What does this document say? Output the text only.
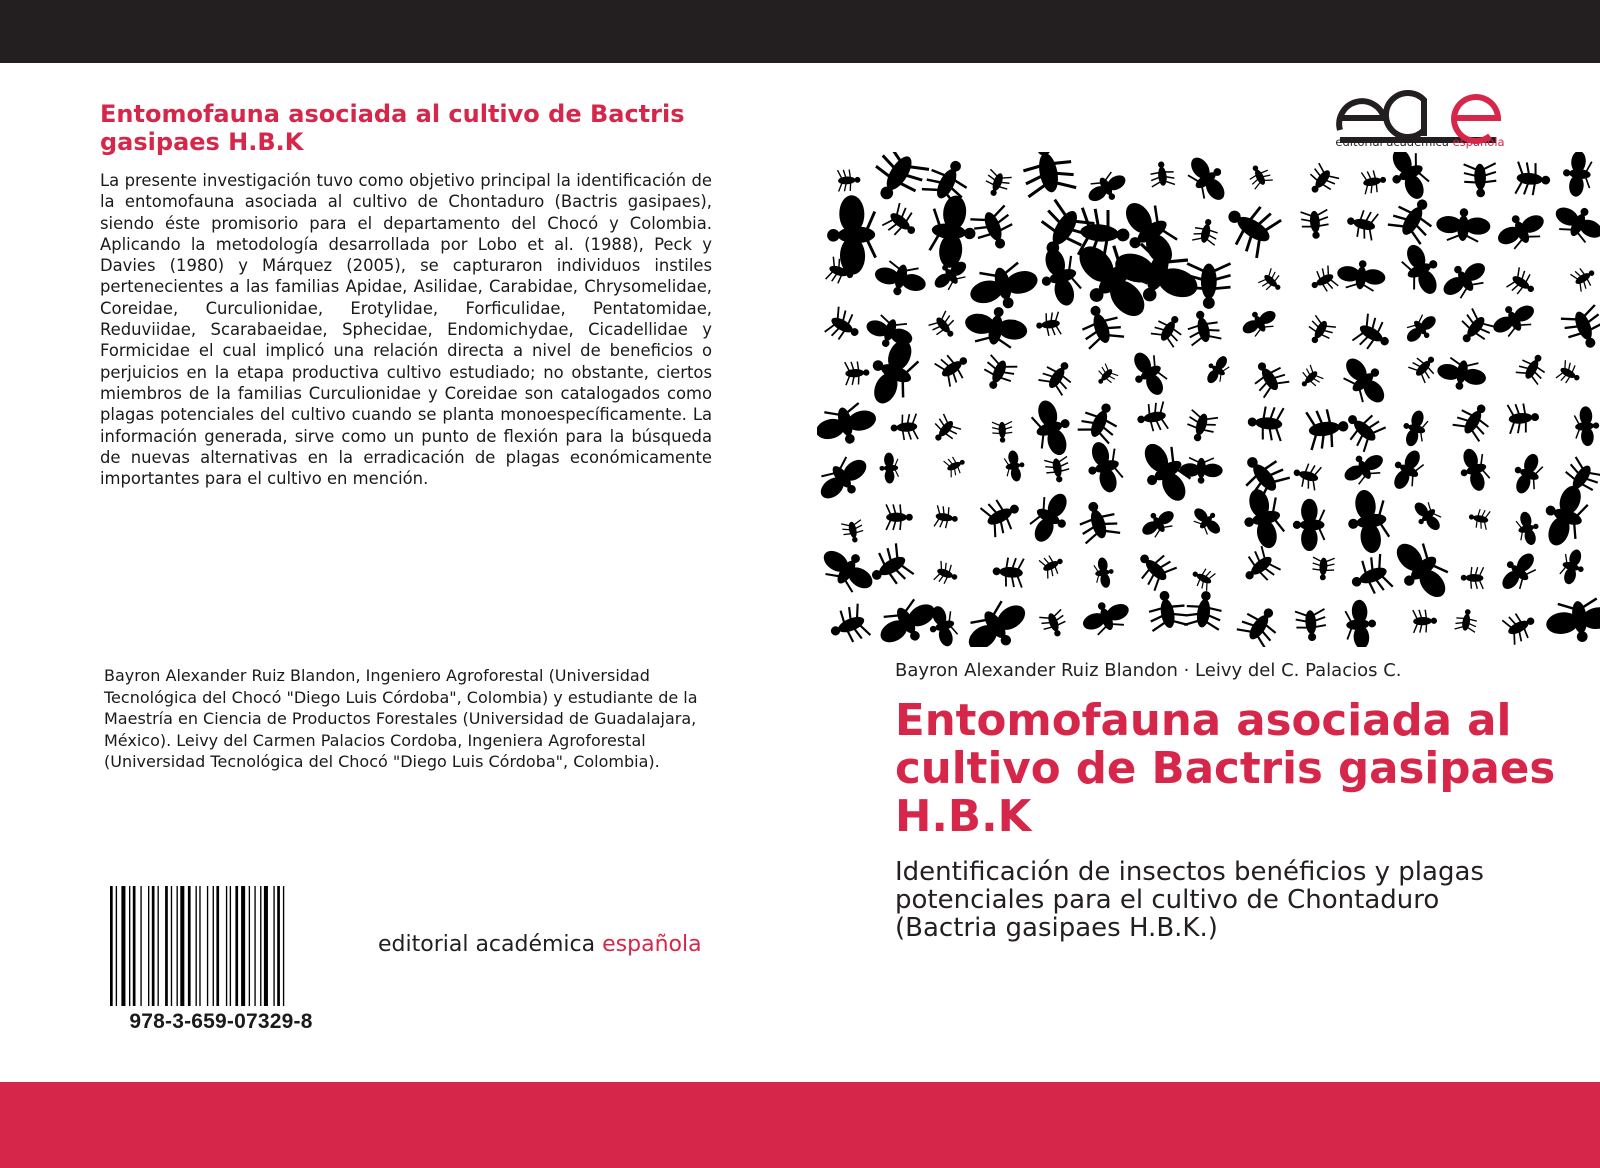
Entomofauna asociada al cultivo de Bactris gasipaes H.B.K

La presente investigación tuvo como objetivo principal la identificación de la entomofauna asociada al cultivo de Chontaduro (Bactris gasipaes), siendo éste promisorio para el departamento del Chocó y Colombia. Aplicando la metodología desarrollada por Lobo et al. (1988), Peck y Davies (1980) y Márquez (2005), se capturaron individuos instiles pertenecientes a las familias Apidae, Asilidae, Carabidae, Chrysomelidae, Coreidae, Curculionidae, Erotylidae, Forficulidae, Pentatomidae, Reduviidae, Scarabaeidae, Sphecidae, Endomichydae, Cicadellidae y Formicidae el cual implicó una relación directa a nivel de beneficios o perjuicios en la etapa productiva cultivo estudiado; no obstante, ciertos miembros de la familias Curculionidae y Coreidae son catalogados como plagas potenciales del cultivo cuando se planta monoespecíficamente. La información generada, sirve como un punto de flexión para la búsqueda de nuevas alternativas en la erradicación de plagas económicamente importantes para el cultivo en mención.

Bayron Alexander Ruiz Blandon, Ingeniero Agroforestal (Universidad Tecnológica del Chocó "Diego Luis Córdoba", Colombia) y estudiante de la Maestría en Ciencia de Productos Forestales (Universidad de Guadalajara, México). Leivy del Carmen Palacios Cordoba, Ingeniera Agroforestal (Universidad Tecnológica del Chocó "Diego Luis Córdoba", Colombia).

978-3-659-07329-8
editorial académica española
editorial académica española

Bayron Alexander Ruiz Blandon · Leivy del C. Palacios C.

Entomofauna asociada al cultivo de Bactris gasipaes H.B.K

Identificación de insectos benéficios y plagas potenciales para el cultivo de Chontaduro (Bactria gasipaes H.B.K.)
